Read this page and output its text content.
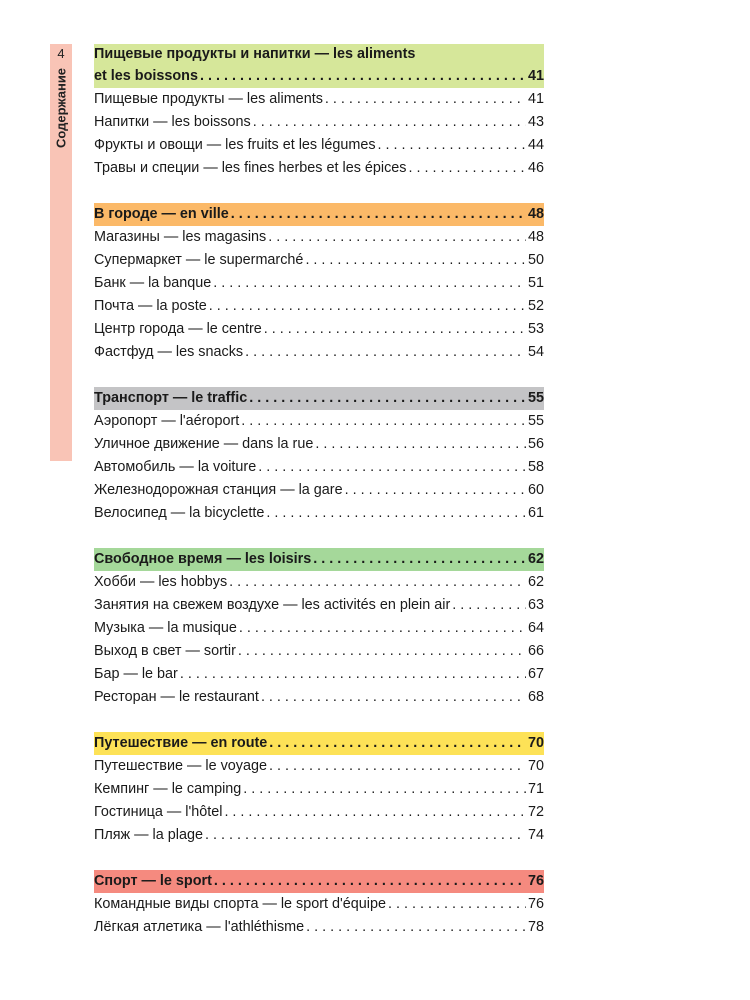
4
Содержание
Пищевые продукты и напитки — les aliments
et les boissons . . .	41
Пищевые продукты — les aliments . . .	41
Напитки — les boissons . . .	43
Фрукты и овощи — les fruits et les légumes . . .	44
Травы и специи — les fines herbes et les épices . . .	46
В городе — en ville . . .	48
Магазины — les magasins . . .	48
Супермаркет — le supermarché . . .	50
Банк — la banque . . .	51
Почта — la poste . . .	52
Центр города — le centre . . .	53
Фастфуд — les snacks . . .	54
Транспорт — le traffic . . .	55
Аэропорт — l'aéroport . . .	55
Уличное движение — dans la rue . . .	56
Автомобиль — la voiture . . .	58
Железнодорожная станция — la gare . . .	60
Велосипед — la bicyclette . . .	61
Свободное время — les loisirs . . .	62
Хобби — les hobbys . . .	62
Занятия на свежем воздухе — les activités en plein air . . .	63
Музыка — la musique . . .	64
Выход в свет — sortir . . .	66
Бар — le bar . . .	67
Ресторан — le restaurant . . .	68
Путешествие — en route . . .	70
Путешествие — le voyage . . .	70
Кемпинг — le camping . . .	71
Гостиница — l'hôtel . . .	72
Пляж — la plage . . .	74
Спорт — le sport . . .	76
Командные виды спорта — le sport d'équipe . . .	76
Лёгкая атлетика — l'athléthisme . . .	78
